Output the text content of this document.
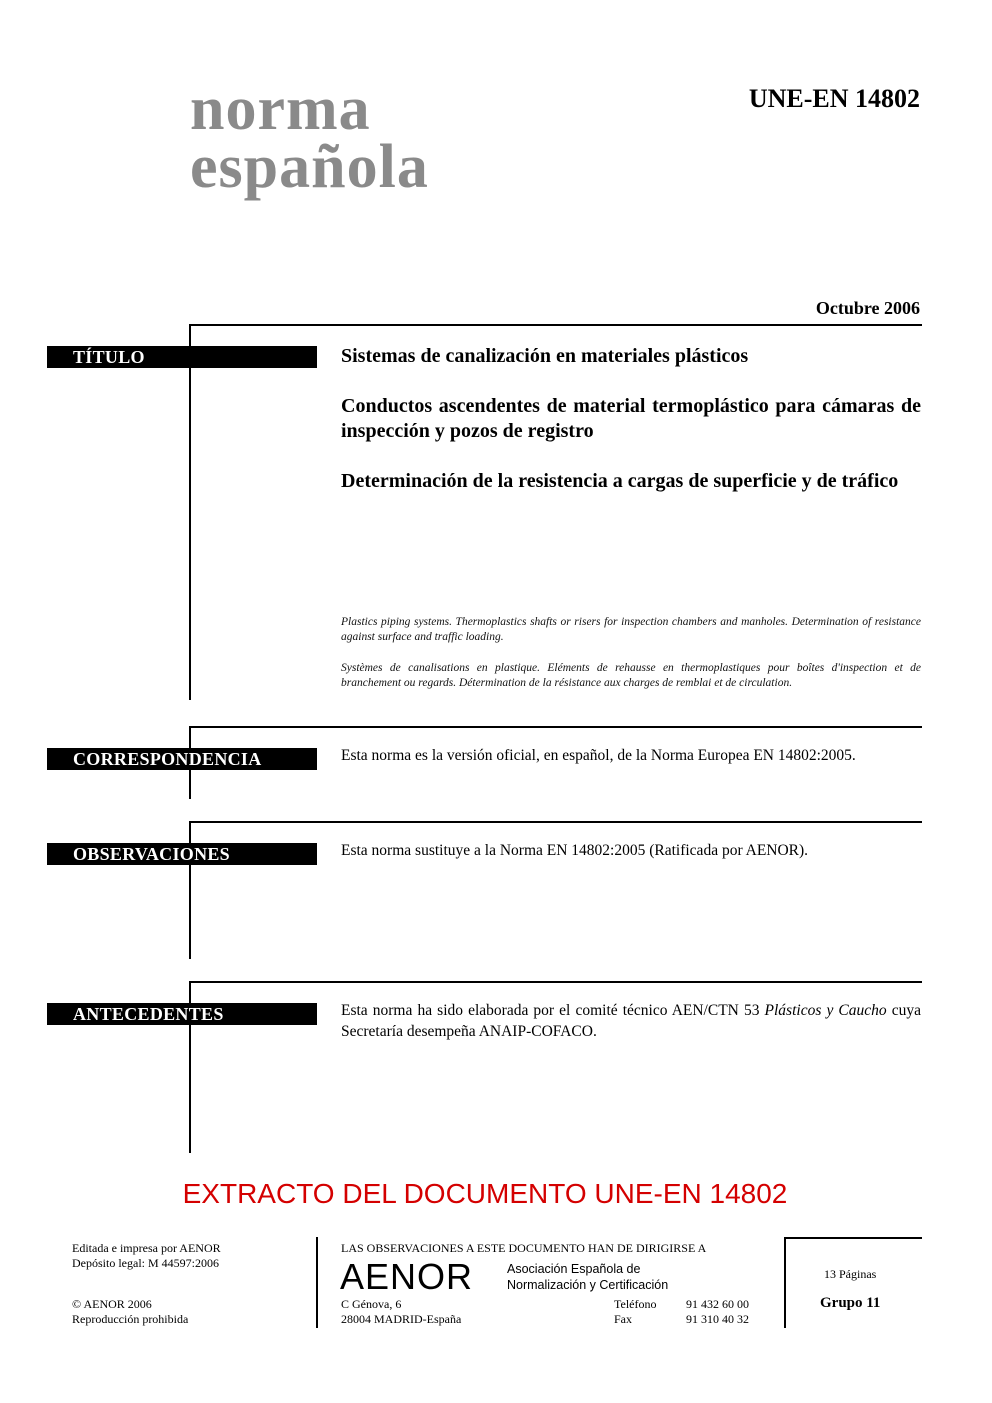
norma
española
UNE-EN 14802
Octubre 2006
TÍTULO	Sistemas de canalización en materiales plásticos
Conductos ascendentes de material termoplástico para cámaras de inspección y pozos de registro
Determinación de la resistencia a cargas de superficie y de tráfico
Plastics piping systems. Thermoplastics shafts or risers for inspection chambers and manholes. Determination of resistance against surface and traffic loading.
Systèmes de canalisations en plastique. Eléments de rehausse en thermoplastiques pour boîtes d'inspection et de branchement ou regards. Détermination de la résistance aux charges de remblai et de circulation.
CORRESPONDENCIA	Esta norma es la versión oficial, en español, de la Norma Europea EN 14802:2005.
OBSERVACIONES	Esta norma sustituye a la Norma EN 14802:2005 (Ratificada por AENOR).
ANTECEDENTES	Esta norma ha sido elaborada por el comité técnico AEN/CTN 53 Plásticos y Caucho cuya Secretaría desempeña ANAIP-COFACO.
EXTRACTO DEL DOCUMENTO UNE-EN 14802
Editada e impresa por AENOR
Depósito legal: M 44597:2006
© AENOR 2006
Reproducción prohibida
LAS OBSERVACIONES A ESTE DOCUMENTO HAN DE DIRIGIRSE A
AENOR	Asociación Española de
Normalización y Certificación
C Génova, 6
28004 MADRID-España
Teléfono 91 432 60 00
Fax	91 310 40 32
13 Páginas
Grupo 11
